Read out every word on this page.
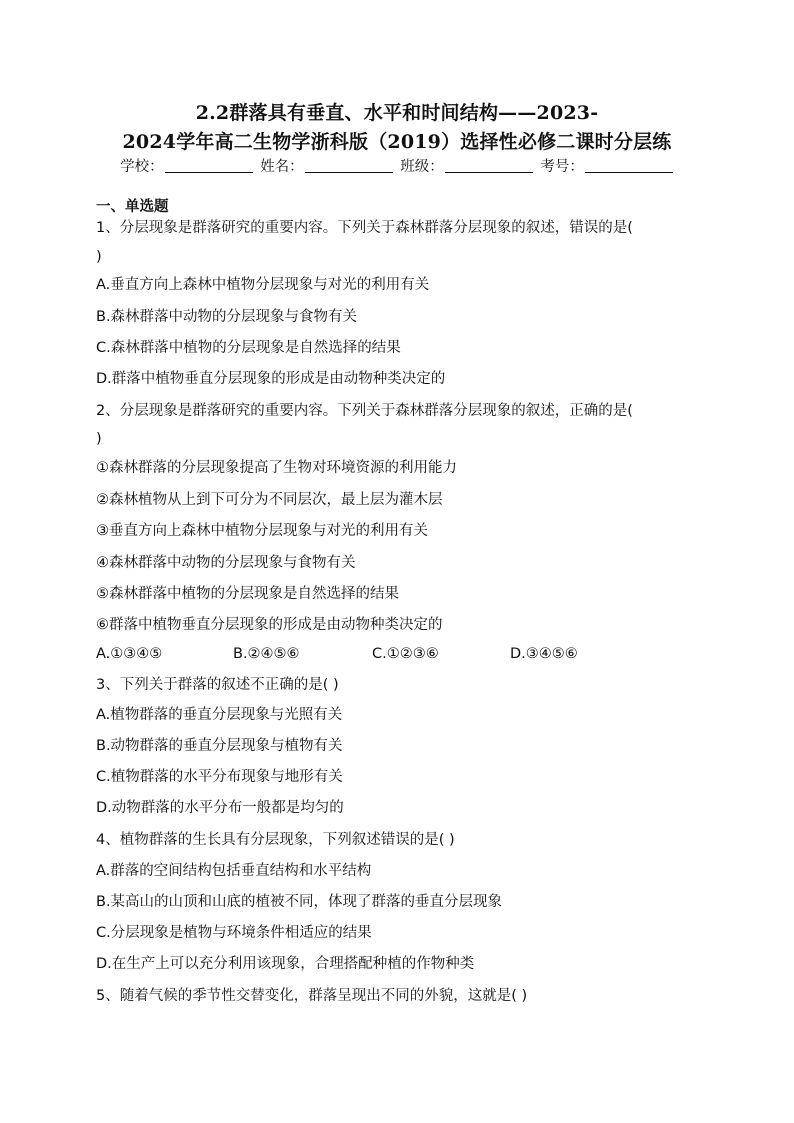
2.2群落具有垂直、水平和时间结构——2023-
2024学年高二生物学浙科版（2019）选择性必修二课时分层练
学校：	姓名：	班级：	考号：
一、单选题
1、分层现象是群落研究的重要内容。下列关于森林群落分层现象的叙述，错误的是(
)
A.垂直方向上森林中植物分层现象与对光的利用有关
B.森林群落中动物的分层现象与食物有关
C.森林群落中植物的分层现象是自然选择的结果
D.群落中植物垂直分层现象的形成是由动物种类决定的
2、分层现象是群落研究的重要内容。下列关于森林群落分层现象的叙述，正确的是(
)
①森林群落的分层现象提高了生物对环境资源的利用能力
②森林植物从上到下可分为不同层次，最上层为灌木层
③垂直方向上森林中植物分层现象与对光的利用有关
④森林群落中动物的分层现象与食物有关
⑤森林群落中植物的分层现象是自然选择的结果
⑥群落中植物垂直分层现象的形成是由动物种类决定的
A.①③④⑤	B.②④⑤⑥	C.①②③⑥	D.③④⑤⑥
3、下列关于群落的叙述不正确的是( )
A.植物群落的垂直分层现象与光照有关
B.动物群落的垂直分层现象与植物有关
C.植物群落的水平分布现象与地形有关
D.动物群落的水平分布一般都是均匀的
4、植物群落的生长具有分层现象，下列叙述错误的是( )
A.群落的空间结构包括垂直结构和水平结构
B.某高山的山顶和山底的植被不同，体现了群落的垂直分层现象
C.分层现象是植物与环境条件相适应的结果
D.在生产上可以充分利用该现象，合理搭配种植的作物种类
5、随着气候的季节性交替变化，群落呈现出不同的外貌，这就是( )
